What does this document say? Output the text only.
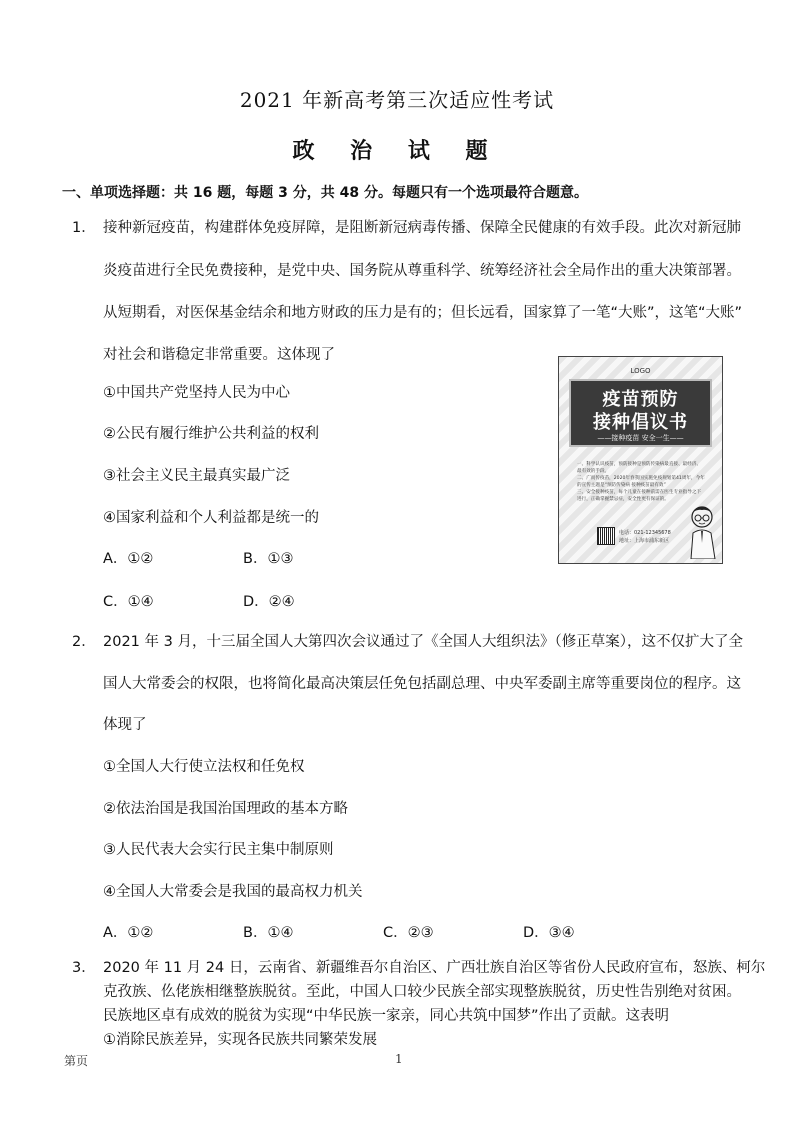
2021 年新高考第三次适应性考试
政 治 试 题
一、单项选择题：共 16 题，每题 3 分，共 48 分。每题只有一个选项最符合题意。
1． 接种新冠疫苗，构建群体免疫屏障，是阻断新冠病毒传播、保障全民健康的有效手段。此次对新冠肺
炎疫苗进行全民免费接种，是党中央、国务院从尊重科学、统筹经济社会全局作出的重大决策部署。
从短期看，对医保基金结余和地方财政的压力是有的；但长远看，国家算了一笔“大账”，这笔“大账”
对社会和谐稳定非常重要。这体现了
①中国共产党坚持人民为中心
②公民有履行维护公共利益的权利
③社会主义民主最真实最广泛
④国家利益和个人利益都是统一的
A．①②	B．①③
C．①④	D．②④
LOGO
疫苗预防
接种倡议书
——接种疫苗 安全一生——
一、科学认识疫苗，预防接种是预防传染病最直接、最经济、最有效的手段。
二、广而传疫苗，2020年春我国实施免疫规划第41周年，今年的宣传主题是“预防传染病 接种疫苗最有效”
三、安全接种疫苗，每个儿童在接种前需在医生专业指导之下进行，正确掌握禁忌症，安全性更有保证的。
电话：021-12345678
地址：上海市浦东新区
2． 2021 年 3 月，十三届全国人大第四次会议通过了《全国人大组织法》（修正草案），这不仅扩大了全
国人大常委会的权限，也将简化最高决策层任免包括副总理、中央军委副主席等重要岗位的程序。这
体现了
①全国人大行使立法权和任免权
②依法治国是我国治国理政的基本方略
③人民代表大会实行民主集中制原则
④全国人大常委会是我国的最高权力机关
A．①②	B．①④	C．②③	D．③④
3． 2020 年 11 月 24 日，云南省、新疆维吾尔自治区、广西壮族自治区等省份人民政府宣布，怒族、柯尔
克孜族、仫佬族相继整族脱贫。至此，中国人口较少民族全部实现整族脱贫，历史性告别绝对贫困。
民族地区卓有成效的脱贫为实现“中华民族一家亲，同心共筑中国梦”作出了贡献。这表明
①消除民族差异，实现各民族共同繁荣发展
第页	1
